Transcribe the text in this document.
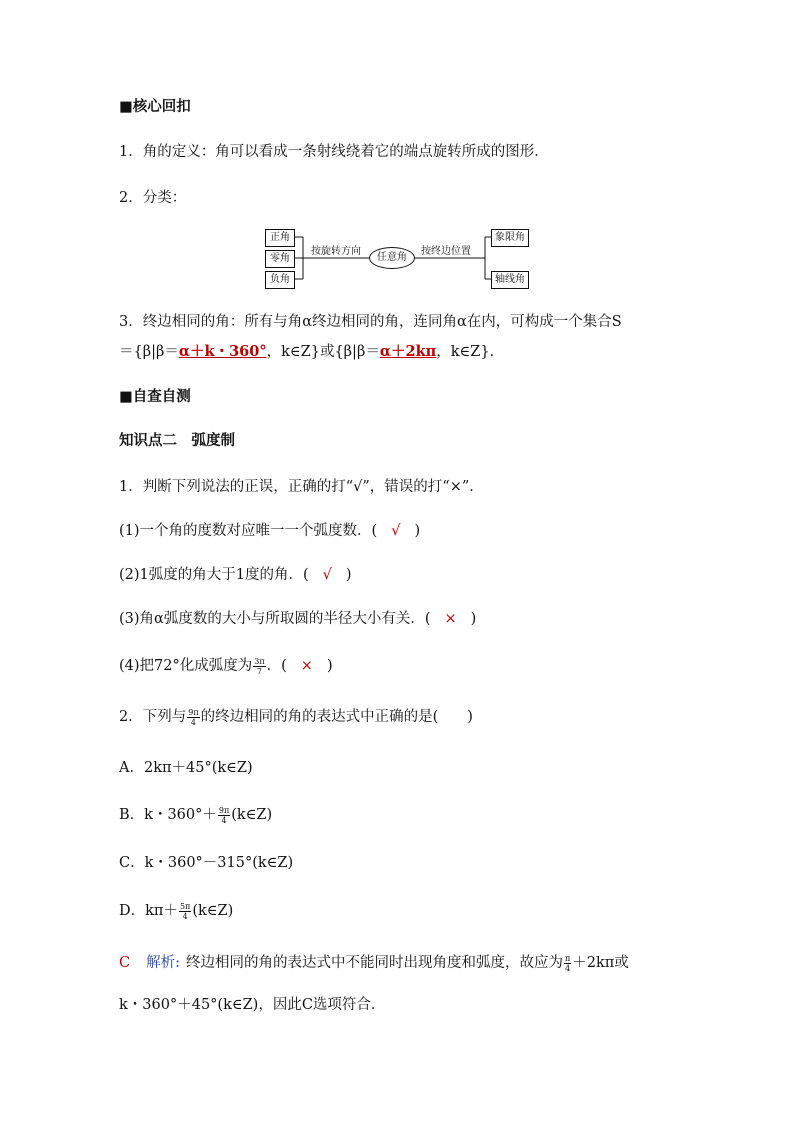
■核心回扣
1．角的定义：角可以看成一条射线绕着它的端点旋转所成的图形．
2．分类：
正角
零角
负角
按旋转方向
任意角
按终边位置
象限角
轴线角
3．终边相同的角：所有与角α终边相同的角，连同角α在内，可构成一个集合S
＝{β|β＝α＋k・360°，k∈Z}或{β|β＝α＋2kπ，k∈Z}．
■自查自测
知识点二　弧度制
1．判断下列说法的正误，正确的打“√”，错误的打“×”．
(1)一个角的度数对应唯一一个弧度数．( √ )
(2)1弧度的角大于1度的角．( √ )
(3)角α弧度数的大小与所取圆的半径大小有关．( × )
(4)把72°化成弧度为 $\frac{3\pi}{7}$ ．( × )
2．下列与 $\frac{9\pi}{4}$ 的终边相同的角的表达式中正确的是(　　)
A．2kπ＋45°(k∈Z)
B．k・$360^\circ+ \frac{9\pi}{4}$ (k∈Z)
C．k・360°－315°(k∈Z)
D．$k\pi+ \frac{5\pi}{4}$ (k∈Z)
C 解析: 终边相同的角的表达式中不能同时出现角度和弧度，故应为 $\frac{\pi}{4} +2k\pi$或
k・360°＋45°(k∈Z)，因此C选项符合．
